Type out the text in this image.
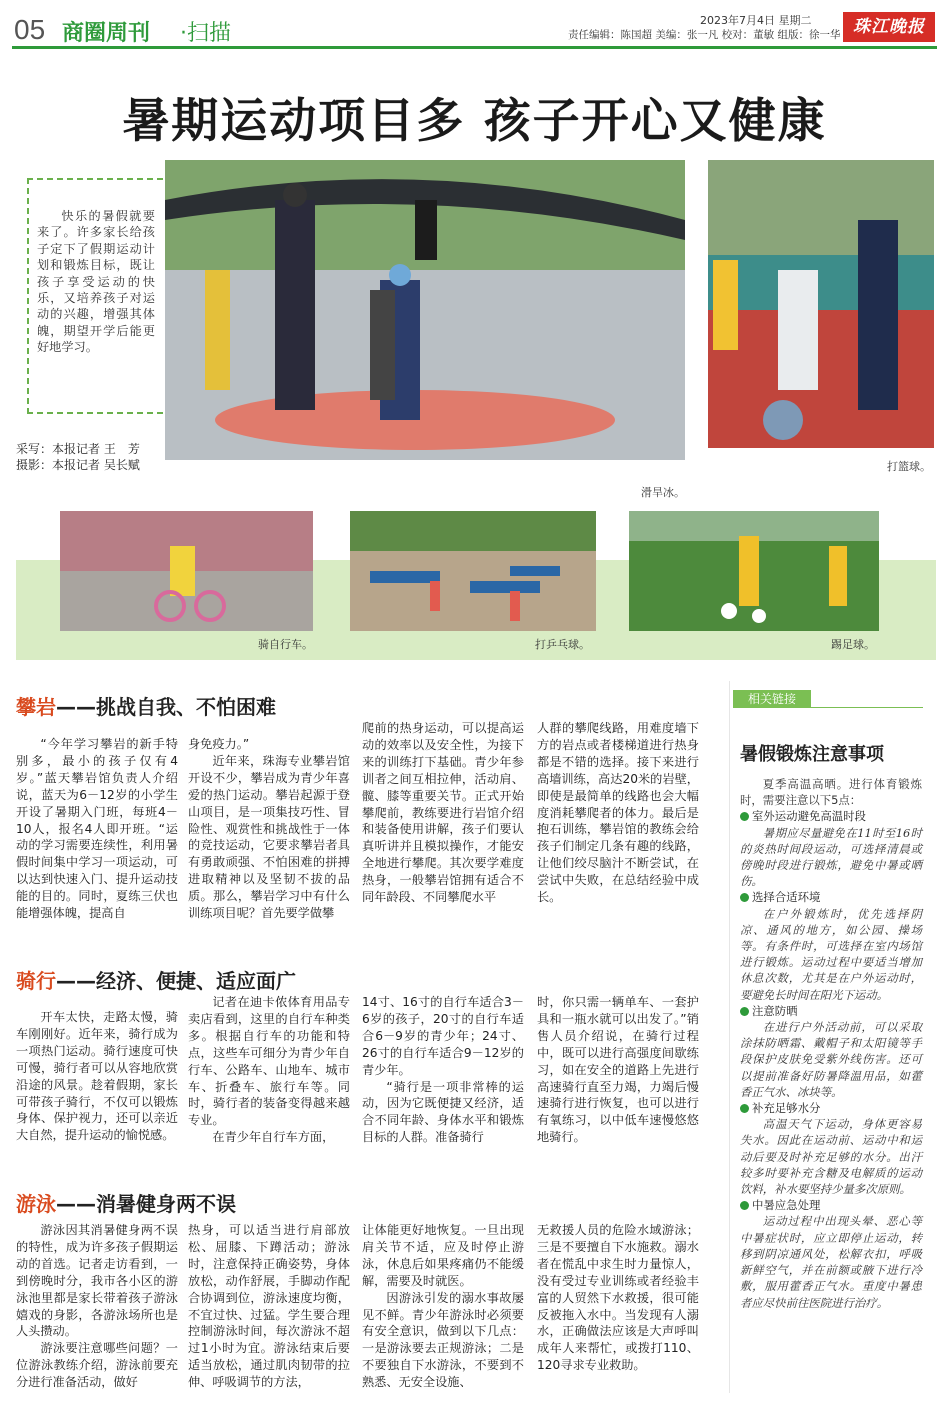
05 商圈周刊 ·扫描
2023年7月4日 星期二
责任编辑：陈国超 美编：张一凡 校对：董敏 组版：徐一华 珠江晚报
暑期运动项目多 孩子开心又健康
快乐的暑假就要来了。许多家长给孩子定下了假期运动计划和锻炼目标，既让孩子享受运动的快乐，又培养孩子对运动的兴趣，增强其体魄，期望开学后能更好地学习。
采写：本报记者 王　芳
摄影：本报记者 吴长赋
滑旱冰。
打篮球。
骑自行车。	打乒乓球。	踢足球。
攀岩——挑战自我、不怕困难

“今年学习攀岩的新手特别多，最小的孩子仅有4岁。”蓝天攀岩馆负责人介绍说，蓝天为6－12岁的小学生开设了暑期入门班，每班4－10人，报名4人即开班。“运动的学习需要连续性，利用暑假时间集中学习一项运动，可以达到快速入门、提升运动技能的目的。同时，夏练三伏也能增强体魄，提高自

身免疫力。”

近年来，珠海专业攀岩馆开设不少，攀岩成为青少年喜爱的热门运动。攀岩起源于登山项目，是一项集技巧性、冒险性、观赏性和挑战性于一体的竞技运动，它要求攀岩者具有勇敢顽强、不怕困难的拼搏进取精神以及坚韧不拔的品质。那么，攀岩学习中有什么训练项目呢？首先要学做攀

爬前的热身运动，可以提高运动的效率以及安全性，为接下来的训练打下基础。青少年参训者之间互相拉伸，活动肩、髋、膝等重要关节。正式开始攀爬前，教练要进行岩馆介绍和装备使用讲解，孩子们要认真听讲并且模拟操作，才能安全地进行攀爬。其次要学难度热身，一般攀岩馆拥有适合不同年龄段、不同攀爬水平

人群的攀爬线路，用难度墙下方的岩点或者楼梯道进行热身都是不错的选择。接下来进行高墙训练，高达20米的岩壁，即使是最简单的线路也会大幅度消耗攀爬者的体力。最后是抱石训练，攀岩馆的教练会给孩子们制定几条有趣的线路，让他们绞尽脑汁不断尝试，在尝试中失败，在总结经验中成长。

骑行——经济、便捷、适应面广

开车太快，走路太慢，骑车刚刚好。近年来，骑行成为一项热门运动。骑行速度可快可慢，骑行者可以从容地欣赏沿途的风景。趁着假期，家长可带孩子骑行，不仅可以锻炼身体、保护视力，还可以亲近大自然，提升运动的愉悦感。

记者在迪卡侬体育用品专卖店看到，这里的自行车种类多。根据自行车的功能和特点，这些车可细分为青少年自行车、公路车、山地车、城市车、折叠车、旅行车等。同时，骑行者的装备变得越来越专业。

在青少年自行车方面，

14寸、16寸的自行车适合3－6岁的孩子，20寸的自行车适合6－9岁的青少年；24寸、26寸的自行车适合9－12岁的青少年。

“骑行是一项非常棒的运动，因为它既便捷又经济，适合不同年龄、身体水平和锻炼目标的人群。准备骑行

时，你只需一辆单车、一套护具和一瓶水就可以出发了。”销售人员介绍说，在骑行过程中，既可以进行高强度间歇练习，如在安全的道路上先进行高速骑行直至力竭，力竭后慢速骑行进行恢复，也可以进行有氧练习，以中低车速慢悠悠地骑行。

游泳——消暑健身两不误

游泳因其消暑健身两不误的特性，成为许多孩子假期运动的首选。记者走访看到，一到傍晚时分，我市各小区的游泳池里都是家长带着孩子游泳嬉戏的身影，各游泳场所也是人头攒动。

游泳要注意哪些问题？一位游泳教练介绍，游泳前要充分进行准备活动，做好

热身，可以适当进行肩部放松、屈膝、下蹲活动；游泳时，注意保持正确姿势，身体放松，动作舒展，手脚动作配合协调到位，游泳速度均衡，不宜过快、过猛。学生要合理控制游泳时间，每次游泳不超过1小时为宜。游泳结束后要适当放松，通过肌肉韧带的拉伸、呼吸调节的方法，

让体能更好地恢复。一旦出现肩关节不适，应及时停止游泳，休息后如果疼痛仍不能缓解，需要及时就医。

因游泳引发的溺水事故屡见不鲜。青少年游泳时必须要有安全意识，做到以下几点：一是游泳要去正规游泳；二是不要独自下水游泳，不要到不熟悉、无安全设施、

无救援人员的危险水域游泳；三是不要擅自下水施救。溺水者在慌乱中求生时力量惊人，没有受过专业训练或者经验丰富的人贸然下水救援，很可能反被拖入水中。当发现有人溺水，正确做法应该是大声呼叫成年人来帮忙，或拨打110、120寻求专业救助。

相关链接
暑假锻炼注意事项

夏季高温高晒。进行体育锻炼时，需要注意以下5点：

室外运动避免高温时段

暑期应尽量避免在11时至16时的炎热时间段运动，可选择清晨或傍晚时段进行锻炼，避免中暑或晒伤。

选择合适环境

在户外锻炼时，优先选择阴凉、通风的地方，如公园、操场等。有条件时，可选择在室内场馆进行锻炼。运动过程中要适当增加休息次数，尤其是在户外运动时，要避免长时间在阳光下运动。

注意防晒

在进行户外活动前，可以采取涂抹防晒霜、戴帽子和太阳镜等手段保护皮肤免受紫外线伤害。还可以提前准备好防暑降温用品，如藿香正气水、冰块等。

补充足够水分

高温天气下运动，身体更容易失水。因此在运动前、运动中和运动后要及时补充足够的水分。出汗较多时要补充含糖及电解质的运动饮料，补水要坚持少量多次原则。

中暑应急处理

运动过程中出现头晕、恶心等中暑症状时，应立即停止运动，转移到阴凉通风处，松解衣扣，呼吸新鲜空气，并在前额或腋下进行冷敷，服用藿香正气水。重度中暑患者应尽快前往医院进行治疗。
